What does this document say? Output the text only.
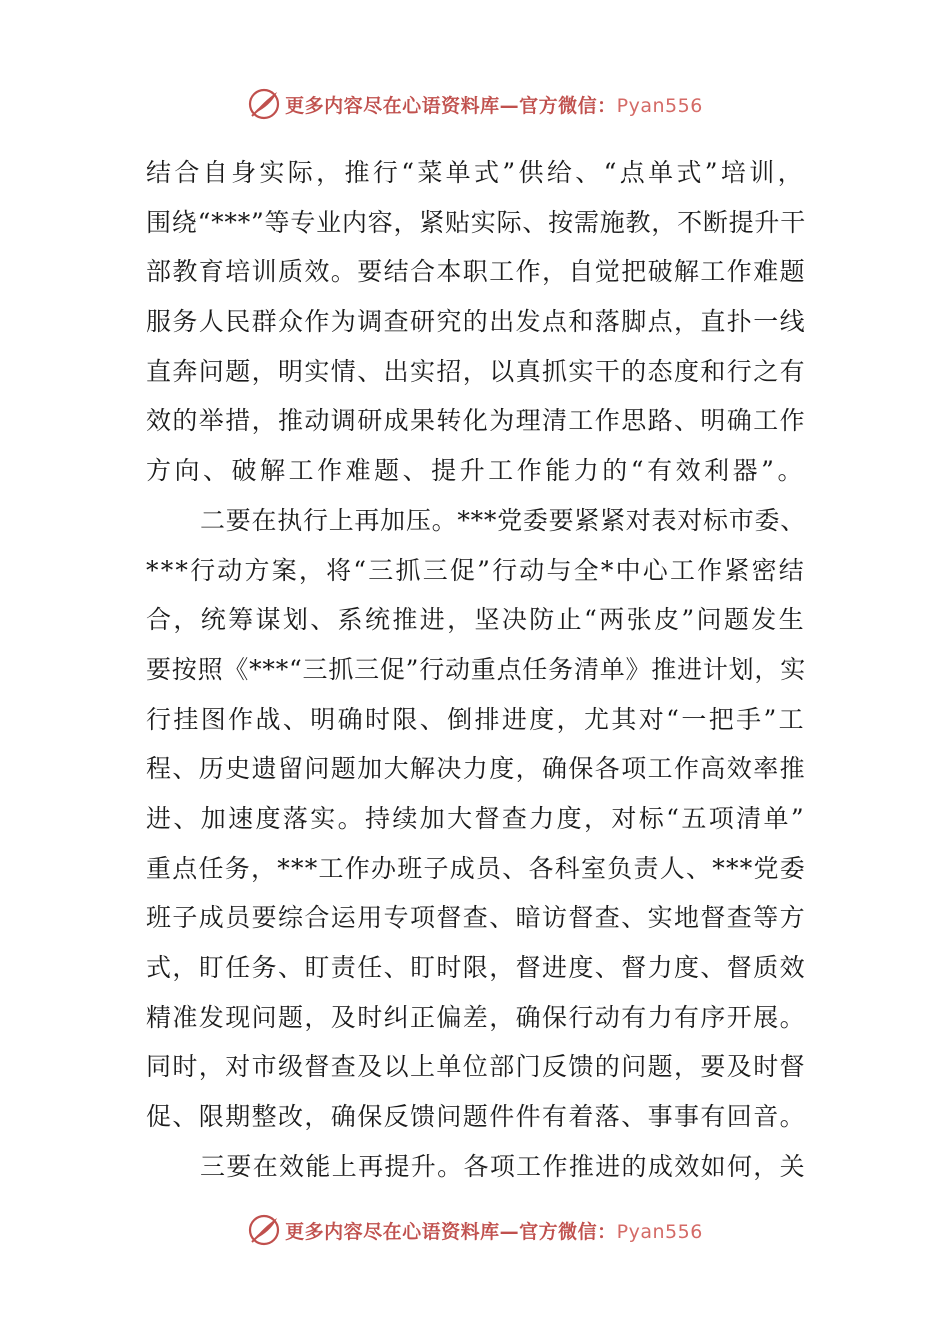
更多内容尽在心语资料库—官方微信：Pyan556
结合自身实际，推行“菜单式”供给、“点单式”培训，
围绕“***”等专业内容，紧贴实际、按需施教，不断提升干
部教育培训质效。要结合本职工作，自觉把破解工作难题
服务人民群众作为调查研究的出发点和落脚点，直扑一线
直奔问题，明实情、出实招，以真抓实干的态度和行之有
效的举措，推动调研成果转化为理清工作思路、明确工作
方向、破解工作难题、提升工作能力的“有效利器”。
二要在执行上再加压。***党委要紧紧对表对标市委、
***行动方案，将“三抓三促”行动与全*中心工作紧密结
合，统筹谋划、系统推进，坚决防止“两张皮”问题发生
要按照《***“三抓三促”行动重点任务清单》推进计划，实
行挂图作战、明确时限、倒排进度，尤其对“一把手”工
程、历史遗留问题加大解决力度，确保各项工作高效率推
进、加速度落实。持续加大督查力度，对标“五项清单”
重点任务，***工作办班子成员、各科室负责人、***党委
班子成员要综合运用专项督查、暗访督查、实地督查等方
式，盯任务、盯责任、盯时限，督进度、督力度、督质效
精准发现问题，及时纠正偏差，确保行动有力有序开展。
同时，对市级督查及以上单位部门反馈的问题，要及时督
促、限期整改，确保反馈问题件件有着落、事事有回音。
三要在效能上再提升。各项工作推进的成效如何，关
更多内容尽在心语资料库—官方微信：Pyan556
